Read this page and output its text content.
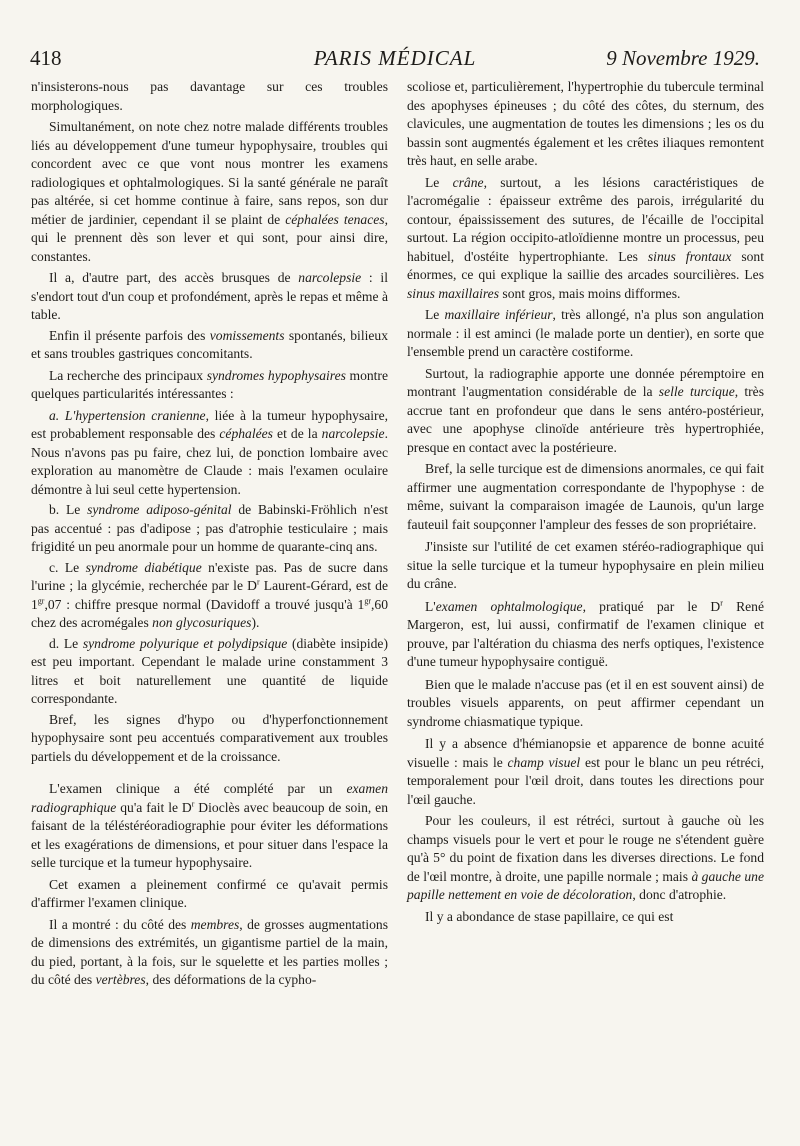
418	PARIS MÉDICAL	9 Novembre 1929.

n'insisterons-nous pas davantage sur ces troubles morphologiques.

Simultanément, on note chez notre malade différents troubles liés au développement d'une tumeur hypophysaire, troubles qui concordent avec ce que vont nous montrer les examens radiologiques et ophtalmologiques. Si la santé générale ne paraît pas altérée, si cet homme continue à faire, sans repos, son dur métier de jardinier, cependant il se plaint de céphalées tenaces, qui le prennent dès son lever et qui sont, pour ainsi dire, constantes.

Il a, d'autre part, des accès brusques de narcolepsie : il s'endort tout d'un coup et profondément, après le repas et même à table.

Enfin il présente parfois des vomissements spontanés, bilieux et sans troubles gastriques concomitants.

La recherche des principaux syndromes hypophysaires montre quelques particularités intéressantes :

a. L'hypertension cranienne, liée à la tumeur hypophysaire, est probablement responsable des céphalées et de la narcolepsie. Nous n'avons pas pu faire, chez lui, de ponction lombaire avec exploration au manomètre de Claude : mais l'examen oculaire démontre à lui seul cette hypertension.

b. Le syndrome adiposo-génital de Babinski-Fröhlich n'est pas accentué : pas d'adipose ; pas d'atrophie testiculaire ; mais frigidité un peu anormale pour un homme de quarante-cinq ans.

c. Le syndrome diabétique n'existe pas. Pas de sucre dans l'urine ; la glycémie, recherchée par le $D^r$ Laurent-Gérard, est de $1^{gr},07$ : chiffre presque normal (Davidoff a trouvé jusqu'à $1^{gr},60$ chez des acromégales non glycosuriques).

d. Le syndrome polyurique et polydipsique (diabète insipide) est peu important. Cependant le malade urine constamment 3 litres et boit naturellement une quantité de liquide correspondante.

Bref, les signes d'hypo ou d'hyperfonctionnement hypophysaire sont peu accentués comparativement aux troubles partiels du développement et de la croissance.

L'examen clinique a été complété par un examen radiographique qu'a fait le $D^r$ Dioclès avec beaucoup de soin, en faisant de la téléstéréoradiographie pour éviter les déformations et les exagérations de dimensions, et pour situer dans l'espace la selle turcique et la tumeur hypophysaire.

Cet examen a pleinement confirmé ce qu'avait permis d'affirmer l'examen clinique.

Il a montré : du côté des membres, de grosses augmentations de dimensions des extrémités, un gigantisme partiel de la main, du pied, portant, à la fois, sur le squelette et les parties molles ; du côté des vertèbres, des déformations de la cypho-

scoliose et, particulièrement, l'hypertrophie du tubercule terminal des apophyses épineuses ; du côté des côtes, du sternum, des clavicules, une augmentation de toutes les dimensions ; les os du bassin sont augmentés également et les crêtes iliaques remontent très haut, en selle arabe.

Le crâne, surtout, a les lésions caractéristiques de l'acromégalie : épaisseur extrême des parois, irrégularité du contour, épaississement des sutures, de l'écaille de l'occipital surtout. La région occipito-atloïdienne montre un processus, peu habituel, d'ostéite hypertrophiante. Les sinus frontaux sont énormes, ce qui explique la saillie des arcades sourcilières. Les sinus maxillaires sont gros, mais moins difformes.

Le maxillaire inférieur, très allongé, n'a plus son angulation normale : il est aminci (le malade porte un dentier), en sorte que l'ensemble prend un caractère costiforme.

Surtout, la radiographie apporte une donnée péremptoire en montrant l'augmentation considérable de la selle turcique, très accrue tant en profondeur que dans le sens antéro-postérieur, avec une apophyse clinoïde antérieure très hypertrophiée, presque en contact avec la postérieure.

Bref, la selle turcique est de dimensions anormales, ce qui fait affirmer une augmentation correspondante de l'hypophyse : de même, suivant la comparaison imagée de Launois, qu'un large fauteuil fait soupçonner l'ampleur des fesses de son propriétaire.

J'insiste sur l'utilité de cet examen stéréo-radiographique qui situe la selle turcique et la tumeur hypophysaire en plein milieu du crâne.

L'examen ophtalmologique, pratiqué par le $D^r$ René Margeron, est, lui aussi, confirmatif de l'examen clinique et prouve, par l'altération du chiasma des nerfs optiques, l'existence d'une tumeur hypophysaire contiguë.

Bien que le malade n'accuse pas (et il en est souvent ainsi) de troubles visuels apparents, on peut affirmer cependant un syndrome chiasmatique typique.

Il y a absence d'hémianopsie et apparence de bonne acuité visuelle : mais le champ visuel est pour le blanc un peu rétréci, temporalement pour l'œil droit, dans toutes les directions pour l'œil gauche.

Pour les couleurs, il est rétréci, surtout à gauche où les champs visuels pour le vert et pour le rouge ne s'étendent guère qu'à 5° du point de fixation dans les diverses directions. Le fond de l'œil montre, à droite, une papille normale ; mais à gauche une papille nettement en voie de décoloration, donc d'atrophie.

Il y a abondance de stase papillaire, ce qui est
